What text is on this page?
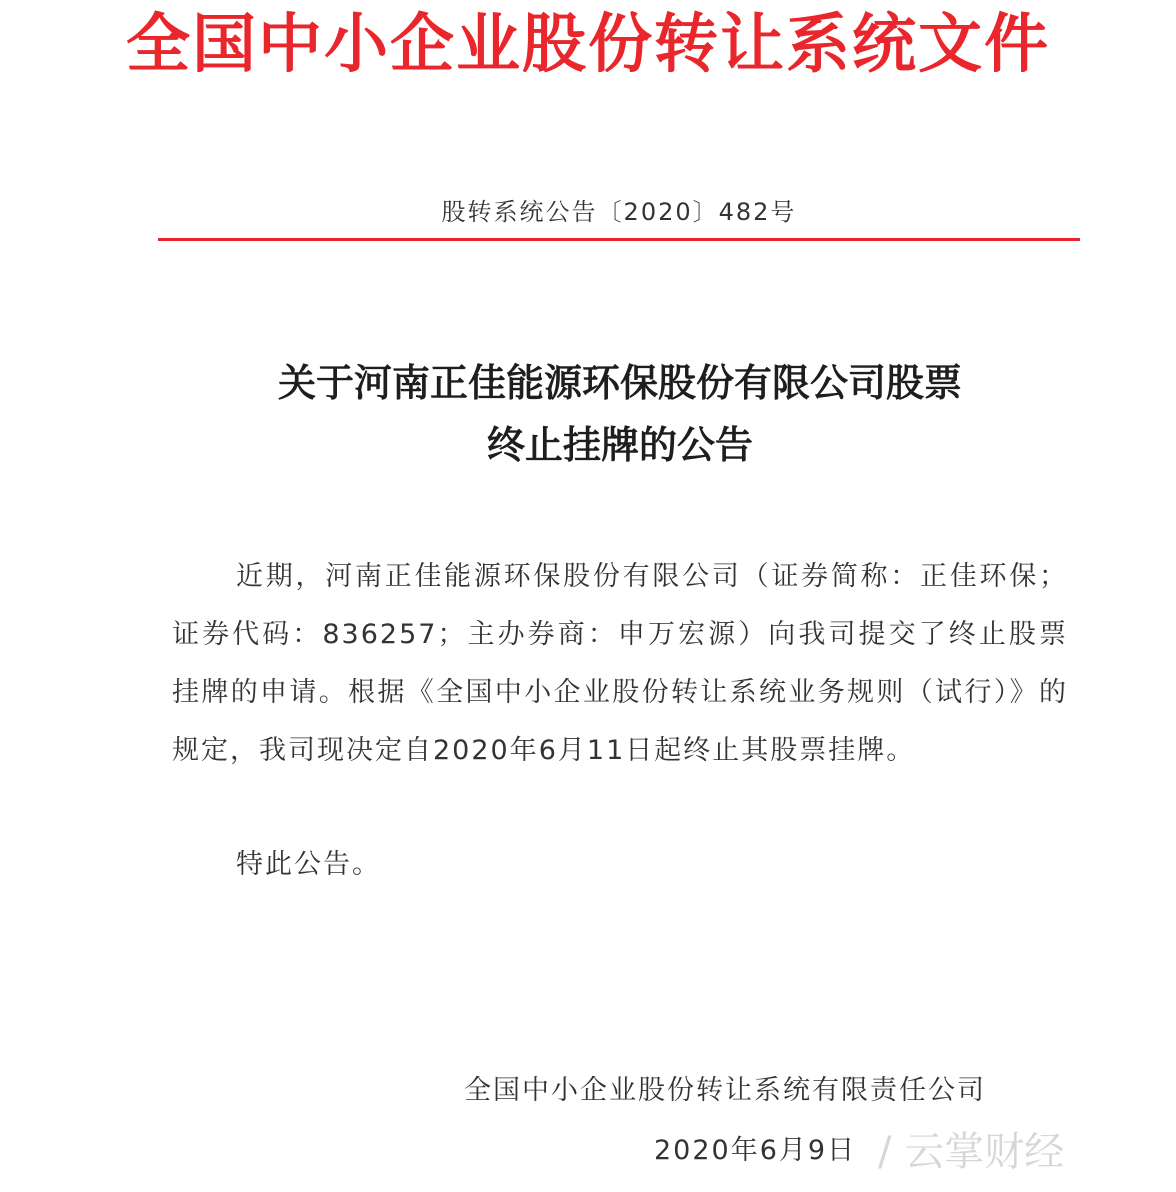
全国中小企业股份转让系统文件
股转系统公告〔2020〕482号
关于河南正佳能源环保股份有限公司股票
终止挂牌的公告
近期，河南正佳能源环保股份有限公司（证券简称：正佳环保；证券代码：836257；主办券商：申万宏源）向我司提交了终止股票挂牌的申请。根据《全国中小企业股份转让系统业务规则（试行）》的规定，我司现决定自2020年6月11日起终止其股票挂牌。
特此公告。
全国中小企业股份转让系统有限责任公司
2020年6月9日 / 云掌财经
